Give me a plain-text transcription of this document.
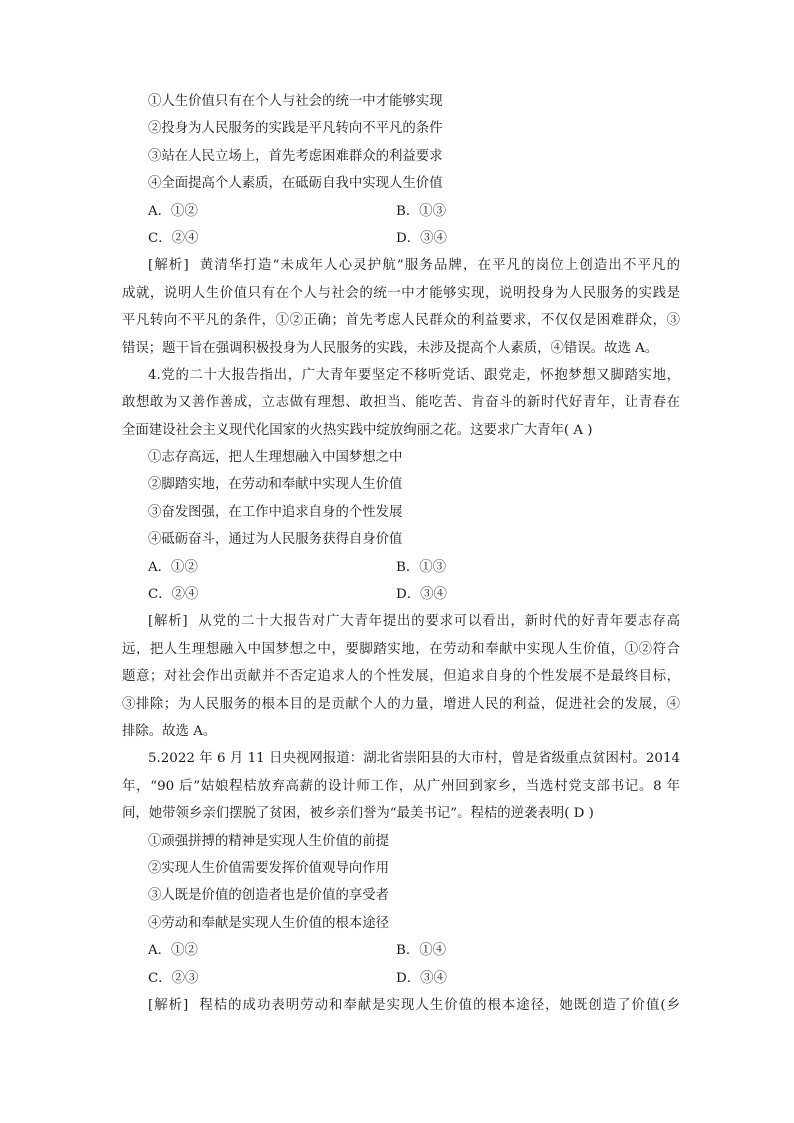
①人生价值只有在个人与社会的统一中才能够实现
②投身为人民服务的实践是平凡转向不平凡的条件
③站在人民立场上，首先考虑困难群众的利益要求
④全面提高个人素质，在砥砺自我中实现人生价值
A．①②	B．①③
C．②④	D．③④
[解析] 黄清华打造“未成年人心灵护航”服务品牌，在平凡的岗位上创造出不平凡的
成就，说明人生价值只有在个人与社会的统一中才能够实现，说明投身为人民服务的实践是
平凡转向不平凡的条件，①②正确；首先考虑人民群众的利益要求，不仅仅是困难群众，③
错误；题干旨在强调积极投身为人民服务的实践，未涉及提高个人素质，④错误。故选 A。
4.党的二十大报告指出，广大青年要坚定不移听党话、跟党走，怀抱梦想又脚踏实地，
敢想敢为又善作善成，立志做有理想、敢担当、能吃苦、肯奋斗的新时代好青年，让青春在
全面建设社会主义现代化国家的火热实践中绽放绚丽之花。这要求广大青年( A )
①志存高远，把人生理想融入中国梦想之中
②脚踏实地，在劳动和奉献中实现人生价值
③奋发图强，在工作中追求自身的个性发展
④砥砺奋斗，通过为人民服务获得自身价值
A．①②	B．①③
C．②④	D．③④
[解析] 从党的二十大报告对广大青年提出的要求可以看出，新时代的好青年要志存高
远，把人生理想融入中国梦想之中，要脚踏实地，在劳动和奉献中实现人生价值，①②符合
题意；对社会作出贡献并不否定追求人的个性发展，但追求自身的个性发展不是最终目标，
③排除；为人民服务的根本目的是贡献个人的力量，增进人民的利益，促进社会的发展，④
排除。故选 A。
5.2022 年 6 月 11 日央视网报道：湖北省崇阳县的大市村，曾是省级重点贫困村。2014
年，“90 后”姑娘程桔放弃高薪的设计师工作，从广州回到家乡，当选村党支部书记。8 年
间，她带领乡亲们摆脱了贫困，被乡亲们誉为“最美书记”。程桔的逆袭表明( D )
①顽强拼搏的精神是实现人生价值的前提
②实现人生价值需要发挥价值观导向作用
③人既是价值的创造者也是价值的享受者
④劳动和奉献是实现人生价值的根本途径
A．①②	B．①④
C．②③	D．③④
[解析] 程桔的成功表明劳动和奉献是实现人生价值的根本途径，她既创造了价值(乡
